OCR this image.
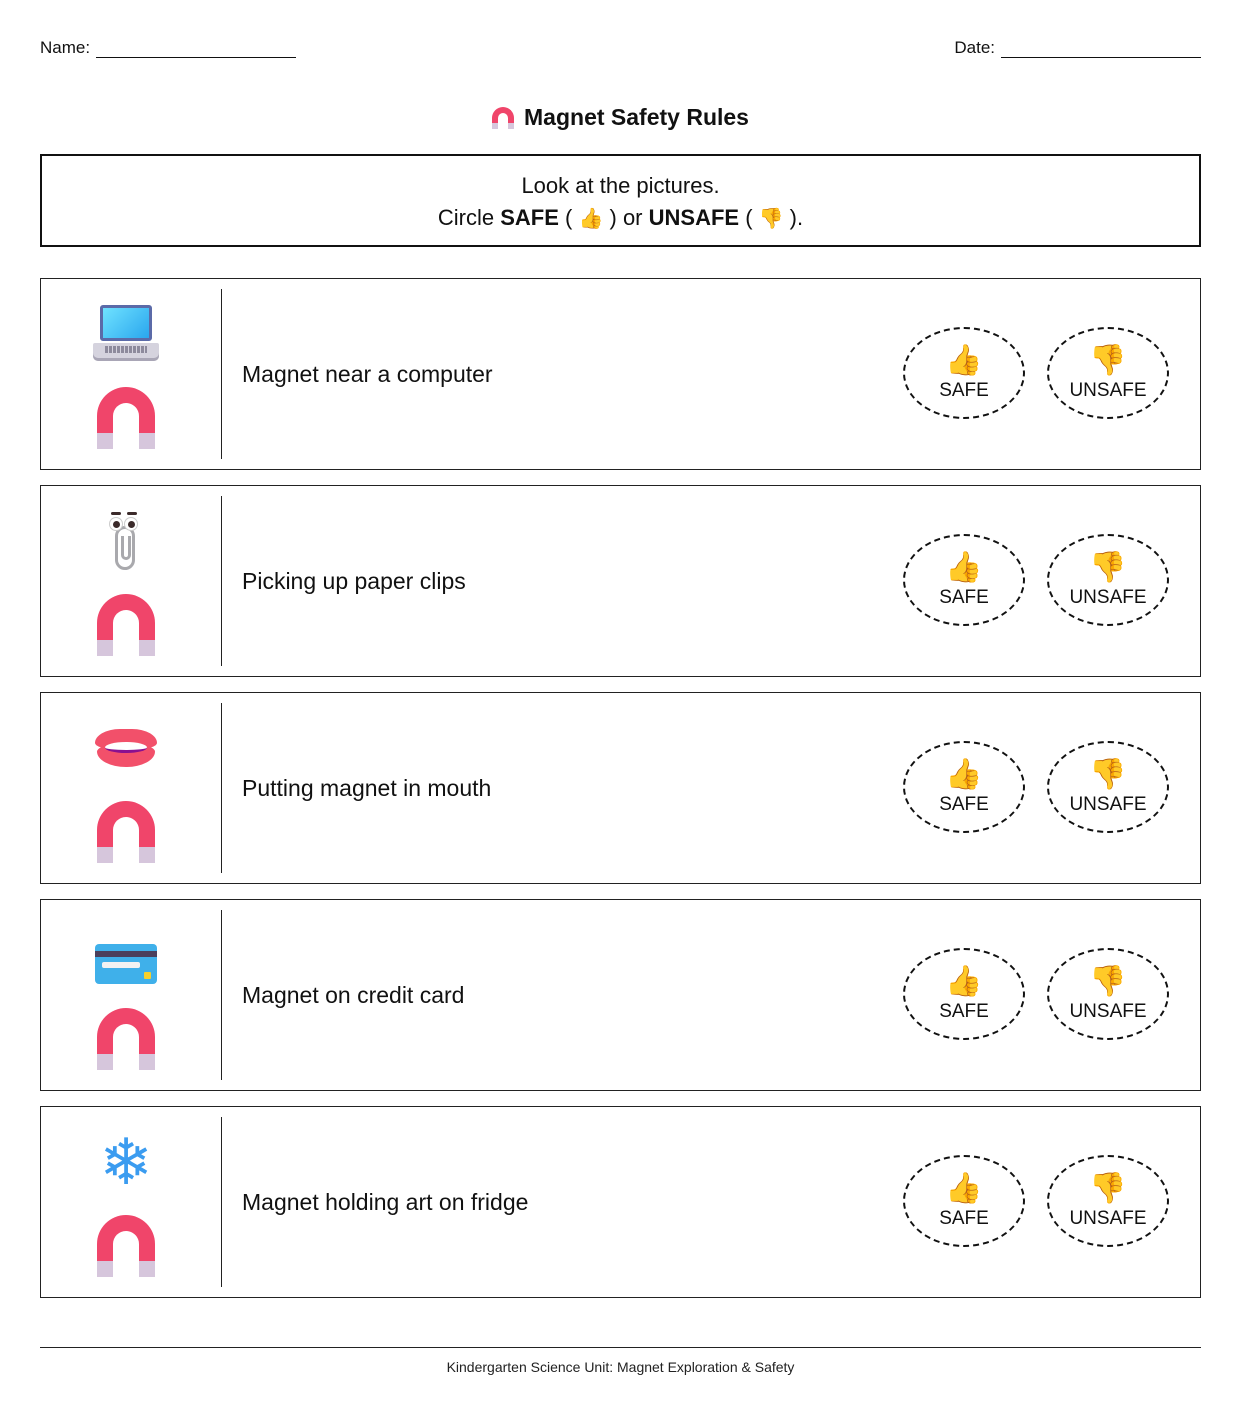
Name:	Date:
Magnet Safety Rules
Look at the pictures.
Circle SAFE ( 👍 ) or UNSAFE ( 👎 ).
Magnet near a computer	👍
SAFE
👎
UNSAFE
Picking up paper clips	👍
SAFE
👎
UNSAFE
Putting magnet in mouth	👍
SAFE
👎
UNSAFE
Magnet on credit card	👍
SAFE
👎
UNSAFE
❄
Magnet holding art on fridge	👍
SAFE
👎
UNSAFE
Kindergarten Science Unit: Magnet Exploration & Safety
